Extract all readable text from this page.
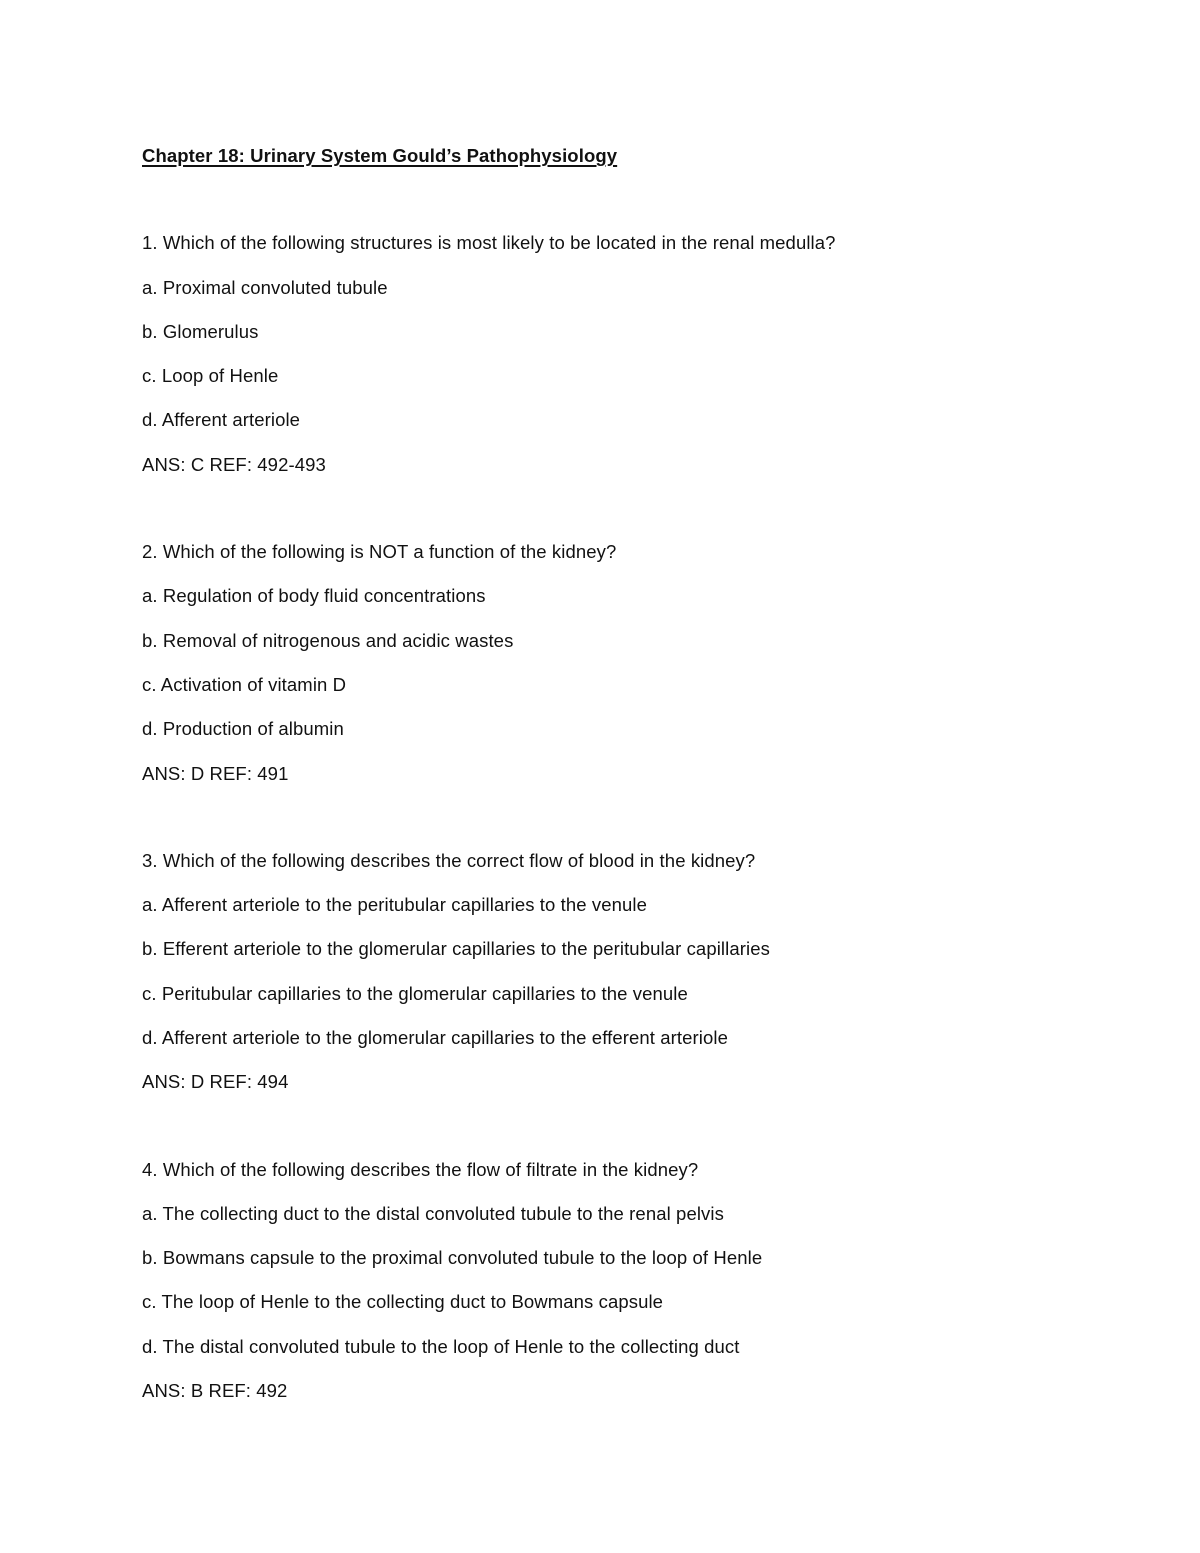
Chapter 18: Urinary System Gould’s Pathophysiology
1. Which of the following structures is most likely to be located in the renal medulla?
a. Proximal convoluted tubule
b. Glomerulus
c. Loop of Henle
d. Afferent arteriole
ANS: C REF: 492-493
2. Which of the following is NOT a function of the kidney?
a. Regulation of body fluid concentrations
b. Removal of nitrogenous and acidic wastes
c. Activation of vitamin D
d. Production of albumin
ANS: D REF: 491
3. Which of the following describes the correct flow of blood in the kidney?
a. Afferent arteriole to the peritubular capillaries to the venule
b. Efferent arteriole to the glomerular capillaries to the peritubular capillaries
c. Peritubular capillaries to the glomerular capillaries to the venule
d. Afferent arteriole to the glomerular capillaries to the efferent arteriole
ANS: D REF: 494
4. Which of the following describes the flow of filtrate in the kidney?
a. The collecting duct to the distal convoluted tubule to the renal pelvis
b. Bowmans capsule to the proximal convoluted tubule to the loop of Henle
c. The loop of Henle to the collecting duct to Bowmans capsule
d. The distal convoluted tubule to the loop of Henle to the collecting duct
ANS: B REF: 492
